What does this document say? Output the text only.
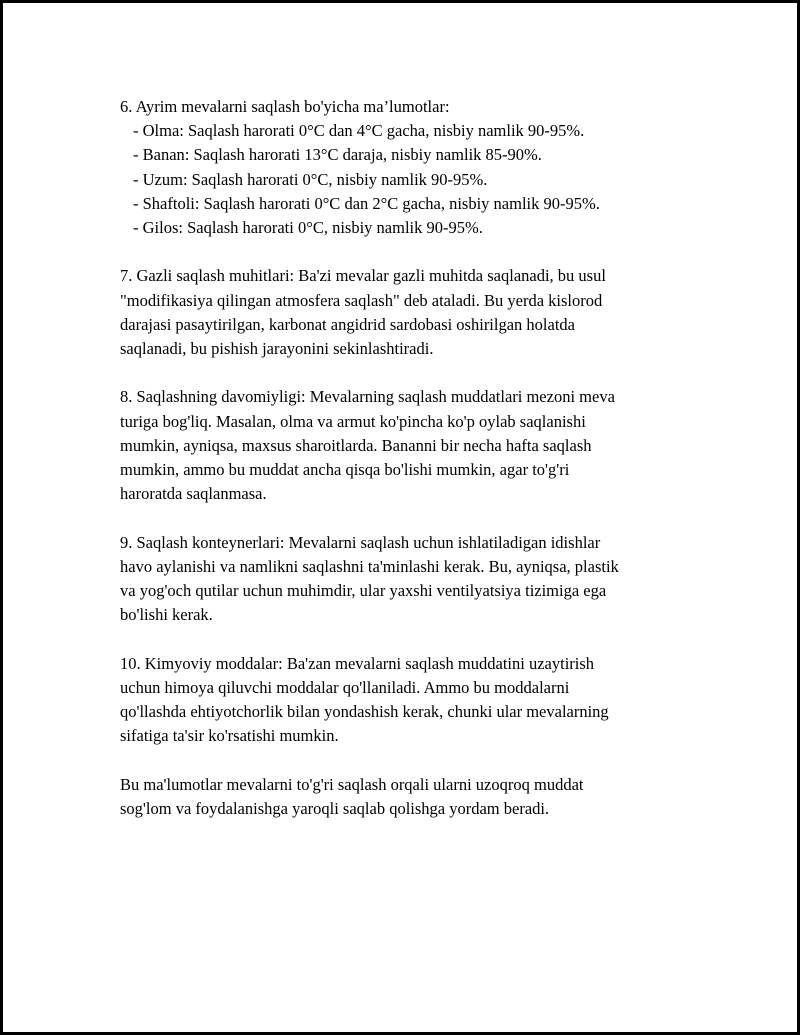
6. Ayrim mevalarni saqlash bo'yicha ma’lumotlar:
- Olma: Saqlash harorati 0°C dan 4°C gacha, nisbiy namlik 90-95%.
- Banan: Saqlash harorati 13°C daraja, nisbiy namlik 85-90%.
- Uzum: Saqlash harorati 0°C, nisbiy namlik 90-95%.
- Shaftoli: Saqlash harorati 0°C dan 2°C gacha, nisbiy namlik 90-95%.
- Gilos: Saqlash harorati 0°C, nisbiy namlik 90-95%.
7. Gazli saqlash muhitlari: Ba'zi mevalar gazli muhitda saqlanadi, bu usul
"modifikasiya qilingan atmosfera saqlash" deb ataladi. Bu yerda kislorod
darajasi pasaytirilgan, karbonat angidrid sardobasi oshirilgan holatda
saqlanadi, bu pishish jarayonini sekinlashtiradi.
8. Saqlashning davomiyligi: Mevalarning saqlash muddatlari mezoni meva
turiga bog'liq. Masalan, olma va armut ko'pincha ko'p oylab saqlanishi
mumkin, ayniqsa, maxsus sharoitlarda. Bananni bir necha hafta saqlash
mumkin, ammo bu muddat ancha qisqa bo'lishi mumkin, agar to'g'ri
haroratda saqlanmasa.
9. Saqlash konteynerlari: Mevalarni saqlash uchun ishlatiladigan idishlar
havo aylanishi va namlikni saqlashni ta'minlashi kerak. Bu, ayniqsa, plastik
va yog'och qutilar uchun muhimdir, ular yaxshi ventilyatsiya tizimiga ega
bo'lishi kerak.
10. Kimyoviy moddalar: Ba'zan mevalarni saqlash muddatini uzaytirish
uchun himoya qiluvchi moddalar qo'llaniladi. Ammo bu moddalarni
qo'llashda ehtiyotchorlik bilan yondashish kerak, chunki ular mevalarning
sifatiga ta'sir ko'rsatishi mumkin.
Bu ma'lumotlar mevalarni to'g'ri saqlash orqali ularni uzoqroq muddat
sog'lom va foydalanishga yaroqli saqlab qolishga yordam beradi.
